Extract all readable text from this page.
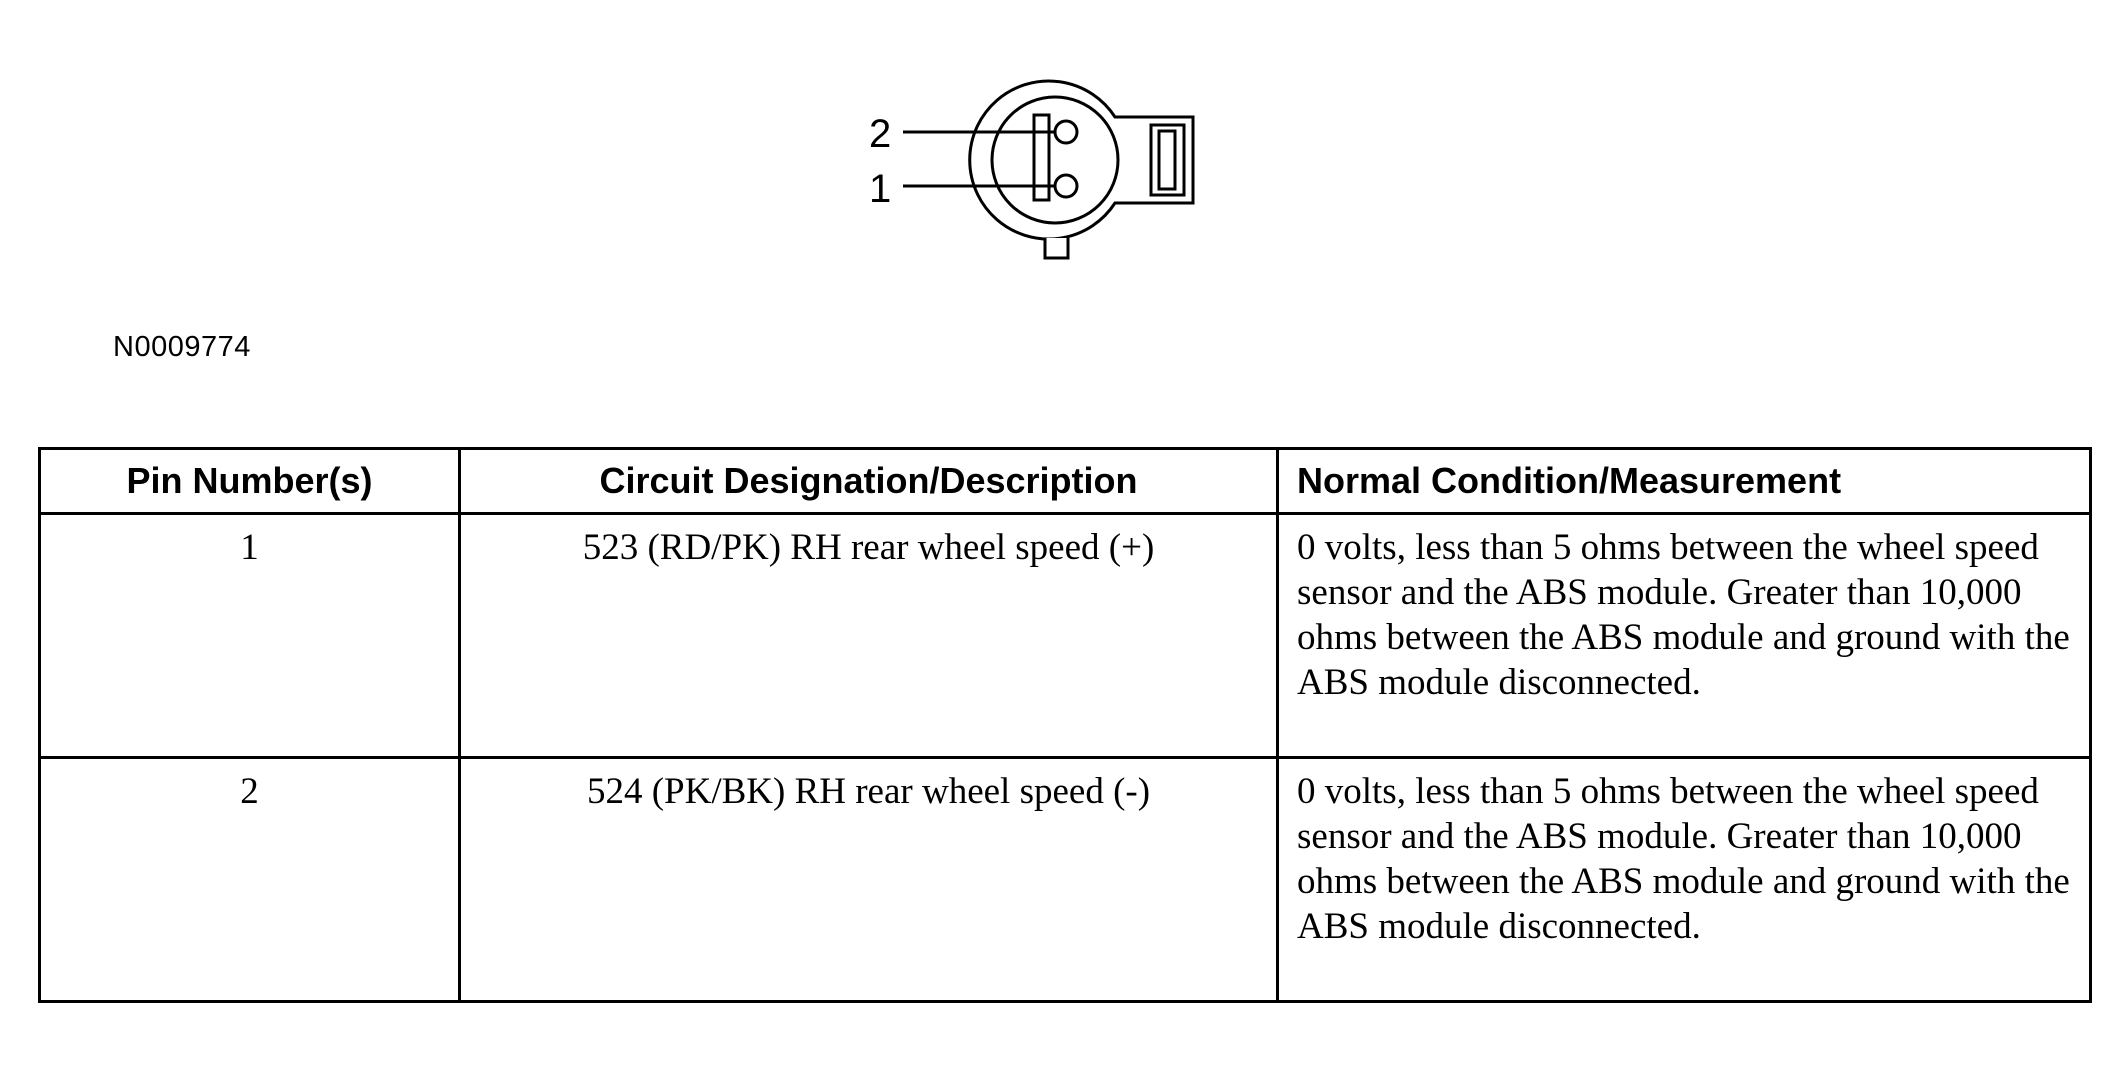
2
1
N0009774
Pin Number(s)	Circuit Designation/Description	Normal Condition/Measurement
1	523 (RD/PK) RH rear wheel speed (+)	0 volts, less than 5 ohms between the wheel speed sensor and the ABS module. Greater than 10,000 ohms between the ABS module and ground with the ABS module disconnected.
2	524 (PK/BK) RH rear wheel speed (-)	0 volts, less than 5 ohms between the wheel speed sensor and the ABS module. Greater than 10,000 ohms between the ABS module and ground with the ABS module disconnected.
